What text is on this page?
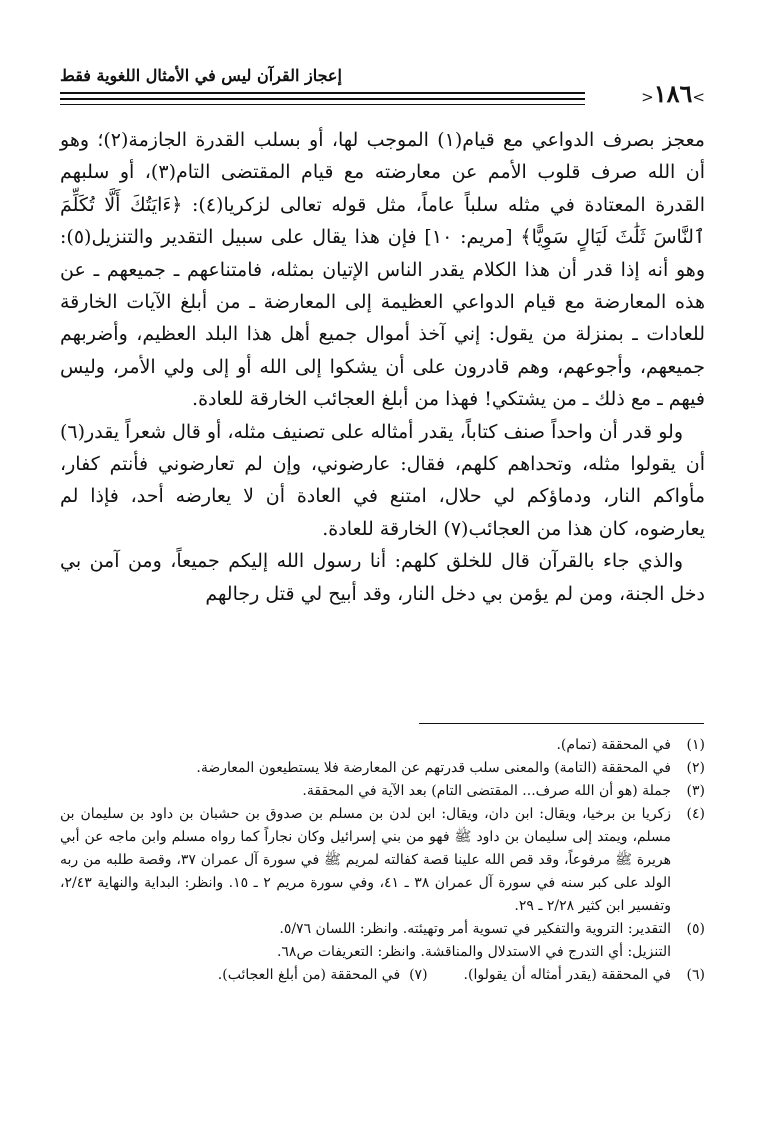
>١٨٦<
إعجاز القرآن ليس في الأمثال اللغوية فقط

معجز بصرف الدواعي مع قيام(١) الموجب لها، أو بسلب القدرة الجازمة(٢)؛ وهو أن الله صرف قلوب الأمم عن معارضته مع قيام المقتضى التام(٣)، أو سلبهم القدرة المعتادة في مثله سلباً عاماً، مثل قوله تعالى لزكريا(٤): ﴿ءَايَتُكَ أَلَّا تُكَلِّمَ ٱلنَّاسَ ثَلَٰثَ لَيَالٍ سَوِيًّا﴾ [مريم: ١٠] فإن هذا يقال على سبيل التقدير والتنزيل(٥): وهو أنه إذا قدر أن هذا الكلام يقدر الناس الإتيان بمثله، فامتناعهم ـ جميعهم ـ عن هذه المعارضة مع قيام الدواعي العظيمة إلى المعارضة ـ من أبلغ الآيات الخارقة للعادات ـ بمنزلة من يقول: إني آخذ أموال جميع أهل هذا البلد العظيم، وأضربهم جميعهم، وأجوعهم، وهم قادرون على أن يشكوا إلى الله أو إلى ولي الأمر، وليس فيهم ـ مع ذلك ـ من يشتكي! فهذا من أبلغ العجائب الخارقة للعادة.

ولو قدر أن واحداً صنف كتاباً، يقدر أمثاله على تصنيف مثله، أو قال شعراً يقدر(٦) أن يقولوا مثله، وتحداهم كلهم، فقال: عارضوني، وإن لم تعارضوني فأنتم كفار، مأواكم النار، ودماؤكم لي حلال، امتنع في العادة أن لا يعارضه أحد، فإذا لم يعارضوه، كان هذا من العجائب(٧) الخارقة للعادة.

والذي جاء بالقرآن قال للخلق كلهم: أنا رسول الله إليكم جميعاً، ومن آمن بي دخل الجنة، ومن لم يؤمن بي دخل النار، وقد أبيح لي قتل رجالهم

(١)
في المحققة (تمام).
(٢)
في المحققة (التامة) والمعنى سلب قدرتهم عن المعارضة فلا يستطيعون المعارضة.
(٣)
جملة (هو أن الله صرف... المقتضى التام) بعد الآية في المحققة.
(٤)
زكريا بن برخيا، ويقال: ابن دان، ويقال: ابن لدن بن مسلم بن صدوق بن حشبان بن داود بن سليمان بن مسلم، ويمتد إلى سليمان بن داود ﷺ فهو من بني إسرائيل وكان نجاراً كما رواه مسلم وابن ماجه عن أبي هريرة ﷺ مرفوعاً، وقد قص الله علينا قصة كفالته لمريم ﷺ في سورة آل عمران ٣٧، وقصة طلبه من ربه الولد على كبر سنه في سورة آل عمران ٣٨ ـ ٤١، وفي سورة مريم ٢ ـ ١٥. وانظر: البداية والنهاية ٢/٤٣، وتفسير ابن كثير ٢/٢٨ ـ ٢٩.
(٥)
التقدير: التروية والتفكير في تسوية أمر وتهيئته. وانظر: اللسان ٥/٧٦.
التنزيل: أي التدرج في الاستدلال والمناقشة. وانظر: التعريفات ص٦٨.
(٦)
في المحققة (يقدر أمثاله أن يقولوا).(٧)  في المحققة (من أبلغ العجائب).
